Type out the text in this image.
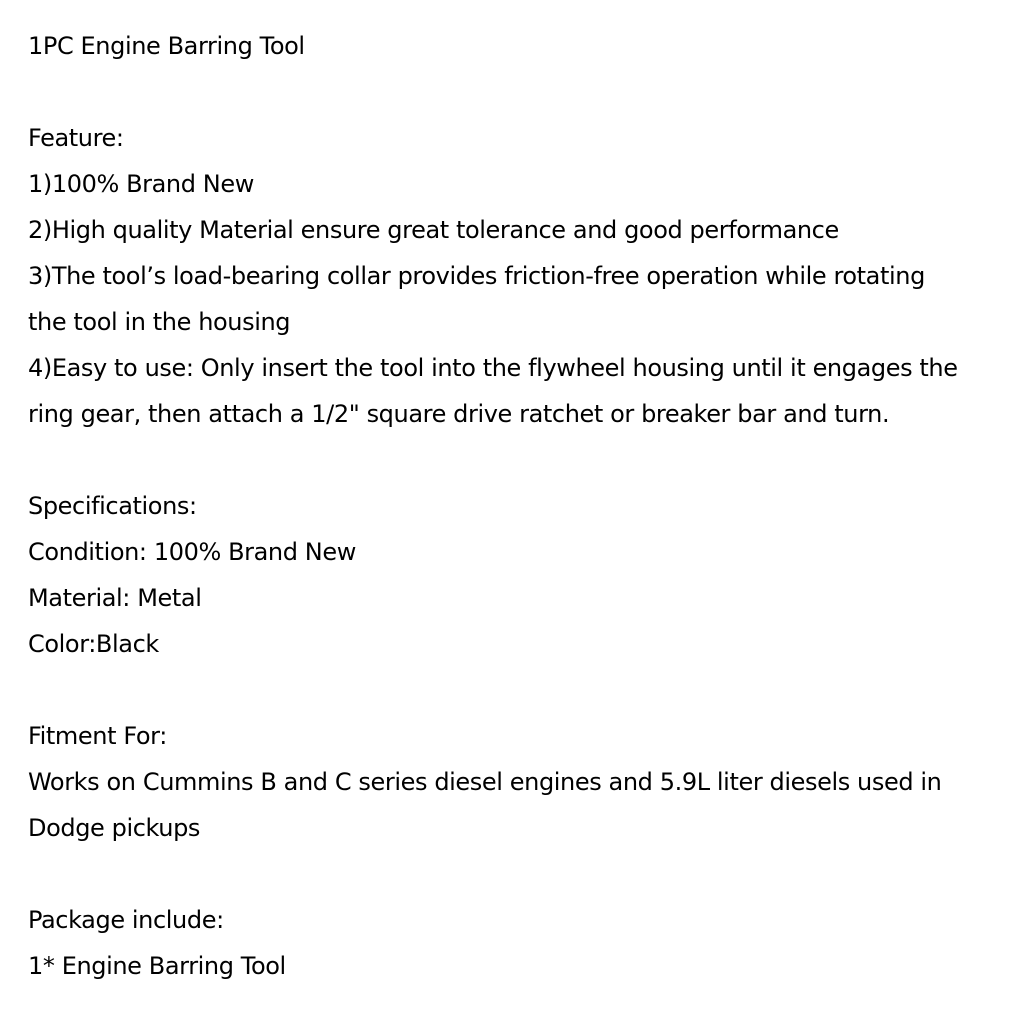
1PC Engine Barring Tool
Feature:
1)100% Brand New
2)High quality Material ensure great tolerance and good performance
3)The tool’s load-bearing collar provides friction-free operation while rotating
the tool in the housing
4)Easy to use: Only insert the tool into the flywheel housing until it engages the
ring gear, then attach a 1/2" square drive ratchet or breaker bar and turn.
Specifications:
Condition: 100% Brand New
Material: Metal
Color:Black
Fitment For:
Works on Cummins B and C series diesel engines and 5.9L liter diesels used in
Dodge pickups
Package include:
1* Engine Barring Tool
